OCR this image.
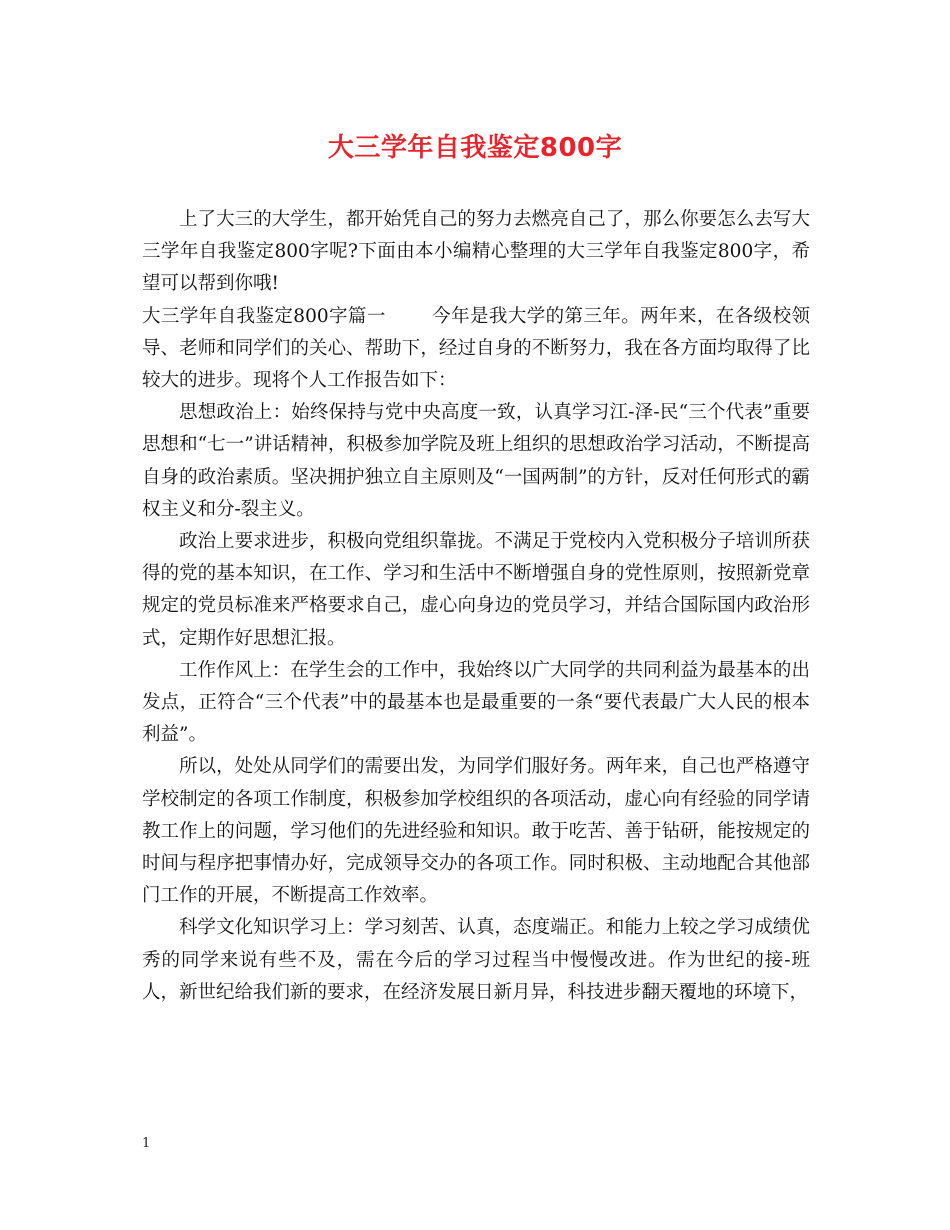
大三学年自我鉴定800字

上了大三的大学生，都开始凭自己的努力去燃亮自己了，那么你要怎么去写大三学年自我鉴定800字呢?下面由本小编精心整理的大三学年自我鉴定800字，希望可以帮到你哦!

大三学年自我鉴定800字篇一 今年是我大学的第三年。两年来，在各级校领导、老师和同学们的关心、帮助下，经过自身的不断努力，我在各方面均取得了比较大的进步。现将个人工作报告如下：

思想政治上：始终保持与党中央高度一致，认真学习江-泽-民“三个代表”重要思想和“七一”讲话精神，积极参加学院及班上组织的思想政治学习活动，不断提高自身的政治素质。坚决拥护独立自主原则及“一国两制”的方针，反对任何形式的霸权主义和分-裂主义。

政治上要求进步，积极向党组织靠拢。不满足于党校内入党积极分子培训所获得的党的基本知识，在工作、学习和生活中不断增强自身的党性原则，按照新党章规定的党员标准来严格要求自己，虚心向身边的党员学习，并结合国际国内政治形式，定期作好思想汇报。

工作作风上：在学生会的工作中，我始终以广大同学的共同利益为最基本的出发点，正符合“三个代表”中的最基本也是最重要的一条“要代表最广大人民的根本利益”。

所以，处处从同学们的需要出发，为同学们服好务。两年来，自己也严格遵守学校制定的各项工作制度，积极参加学校组织的各项活动，虚心向有经验的同学请教工作上的问题，学习他们的先进经验和知识。敢于吃苦、善于钻研，能按规定的时间与程序把事情办好，完成领导交办的各项工作。同时积极、主动地配合其他部门工作的开展，不断提高工作效率。

科学文化知识学习上：学习刻苦、认真，态度端正。和能力上较之学习成绩优秀的同学来说有些不及，需在今后的学习过程当中慢慢改进。作为世纪的接-班人，新世纪给我们新的要求，在经济发展日新月异，科技进步翻天覆地的环境下，

1
